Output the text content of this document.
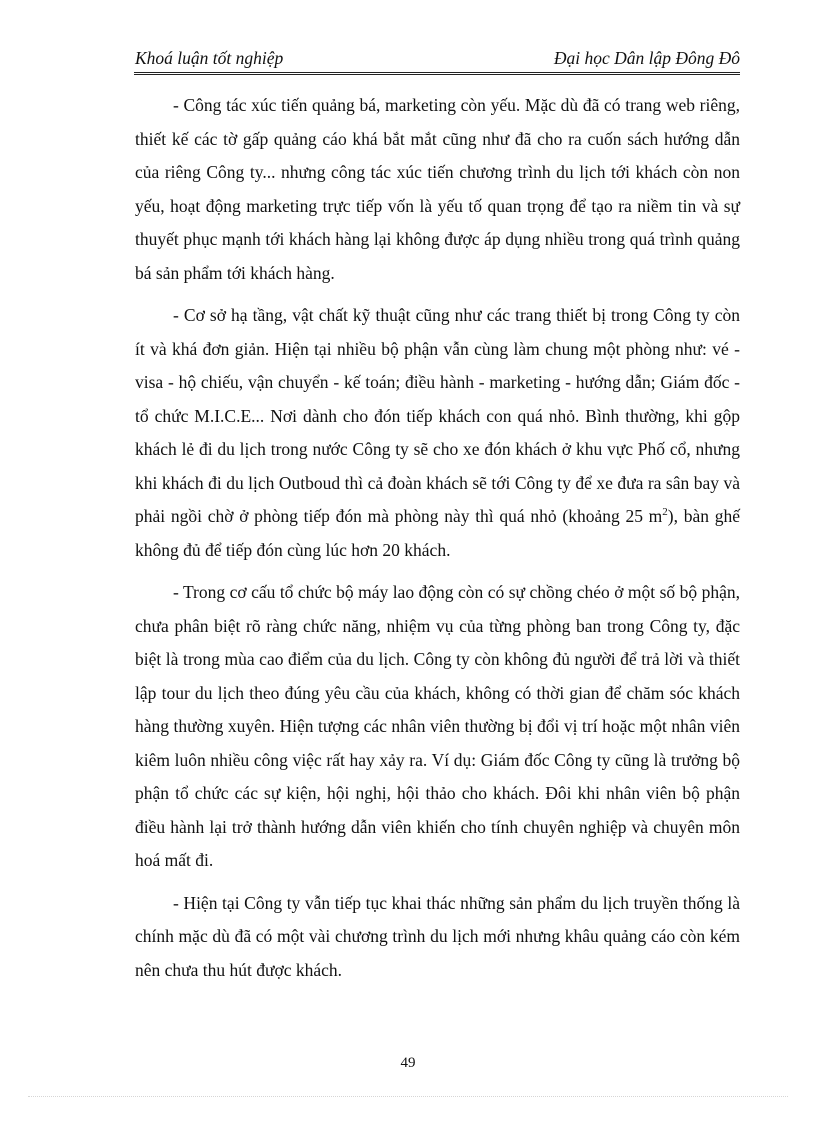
Khoá luận tốt nghiệp	Đại học Dân lập Đông Đô

- Công tác xúc tiến quảng bá, marketing còn yếu. Mặc dù đã có trang web riêng, thiết kế các tờ gấp quảng cáo khá bắt mắt cũng như đã cho ra cuốn sách hướng dẫn của riêng Công ty... nhưng công tác xúc tiến chương trình du lịch tới khách còn non yếu, hoạt động marketing trực tiếp vốn là yếu tố quan trọng để tạo ra niềm tin và sự thuyết phục mạnh tới khách hàng lại không được áp dụng nhiều trong quá trình quảng bá sản phẩm tới khách hàng.

- Cơ sở hạ tầng, vật chất kỹ thuật cũng như các trang thiết bị trong Công ty còn ít và khá đơn giản. Hiện tại nhiều bộ phận vẫn cùng làm chung một phòng như: vé - visa - hộ chiếu, vận chuyển - kế toán; điều hành - marketing - hướng dẫn; Giám đốc - tổ chức M.I.C.E... Nơi dành cho đón tiếp khách con quá nhỏ. Bình thường, khi gộp khách lẻ đi du lịch trong nước Công ty sẽ cho xe đón khách ở khu vực Phố cổ, nhưng khi khách đi du lịch Outboud thì cả đoàn khách sẽ tới Công ty để xe đưa ra sân bay và phải ngồi chờ ở phòng tiếp đón mà phòng này thì quá nhỏ (khoảng 25 $m^2$), bàn ghế không đủ để tiếp đón cùng lúc hơn 20 khách.

- Trong cơ cấu tổ chức bộ máy lao động còn có sự chồng chéo ở một số bộ phận, chưa phân biệt rõ ràng chức năng, nhiệm vụ của từng phòng ban trong Công ty, đặc biệt là trong mùa cao điểm của du lịch. Công ty còn không đủ người để trả lời và thiết lập tour du lịch theo đúng yêu cầu của khách, không có thời gian để chăm sóc khách hàng thường xuyên. Hiện tượng các nhân viên thường bị đổi vị trí hoặc một nhân viên kiêm luôn nhiều công việc rất hay xảy ra. Ví dụ: Giám đốc Công ty cũng là trưởng bộ phận tổ chức các sự kiện, hội nghị, hội thảo cho khách. Đôi khi nhân viên bộ phận điều hành lại trở thành hướng dẫn viên khiến cho tính chuyên nghiệp và chuyên môn hoá mất đi.

- Hiện tại Công ty vẫn tiếp tục khai thác những sản phẩm du lịch truyền thống là chính mặc dù đã có một vài chương trình du lịch mới nhưng khâu quảng cáo còn kém nên chưa thu hút được khách.

49
